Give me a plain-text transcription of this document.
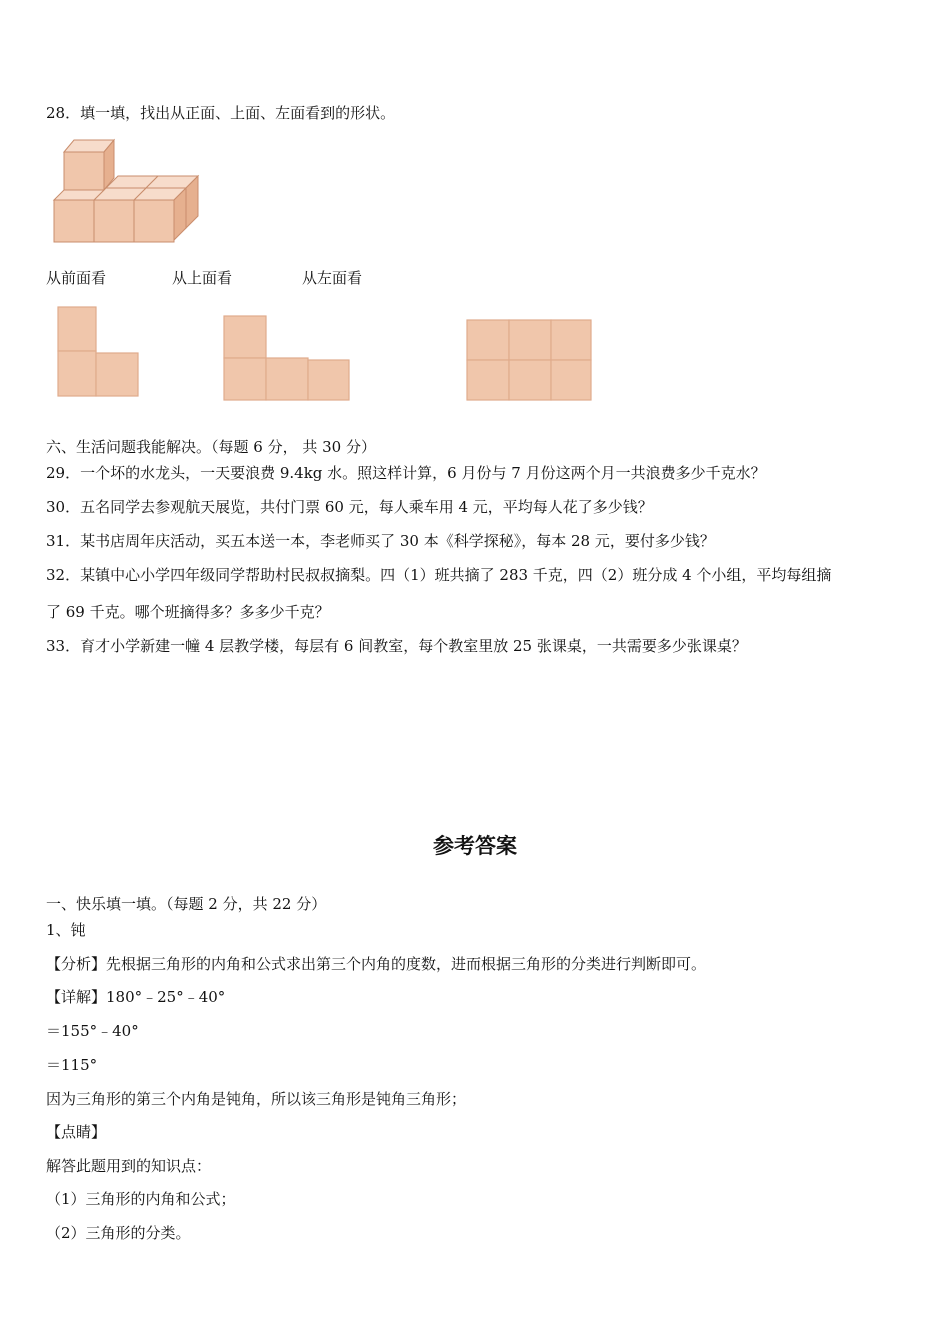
28．填一填，找出从正面、上面、左面看到的形状。
从前面看	从上面看	从左面看
六、生活问题我能解决。（每题 6 分， 共 30 分）
29．一个坏的水龙头，一天要浪费 9.4kg 水。照这样计算，6 月份与 7 月份这两个月一共浪费多少千克水？
30．五名同学去参观航天展览，共付门票 60 元，每人乘车用 4 元，平均每人花了多少钱？
31．某书店周年庆活动，买五本送一本，李老师买了 30 本《科学探秘》，每本 28 元，要付多少钱？
32．某镇中心小学四年级同学帮助村民叔叔摘梨。四（1）班共摘了 283 千克，四（2）班分成 4 个小组，平均每组摘
了 69 千克。哪个班摘得多？多多少千克？
33．育才小学新建一幢 4 层教学楼，每层有 6 间教室，每个教室里放 25 张课桌，一共需要多少张课桌？
参考答案
一、快乐填一填。（每题 2 分，共 22 分）
1、钝
【分析】先根据三角形的内角和公式求出第三个内角的度数，进而根据三角形的分类进行判断即可。
【详解】180°﹣25°﹣40°
＝155°﹣40°
＝115°
因为三角形的第三个内角是钝角，所以该三角形是钝角三角形；
【点睛】
解答此题用到的知识点：
（1）三角形的内角和公式；
（2）三角形的分类。
